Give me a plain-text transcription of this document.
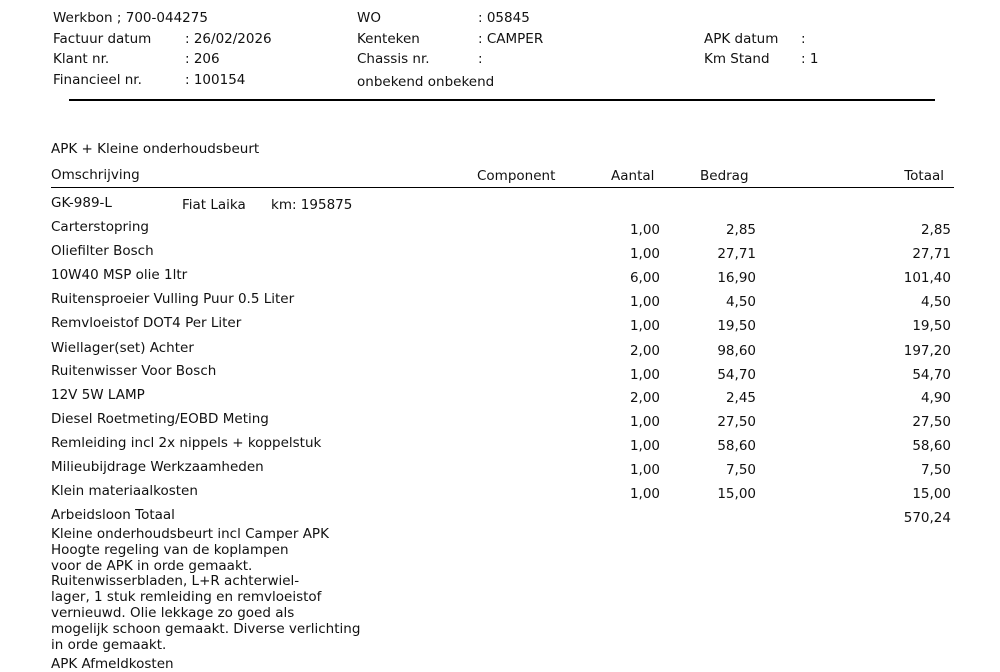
Werkbon ; 700-044275
Factuur datum : 26/02/2026
Klant nr.	: 206
Financieel nr.	: 100154
WO	: 05845
Kenteken	: CAMPER
Chassis nr.	:
onbekend onbekend
APK datum :
Km Stand : 1
APK + Kleine onderhoudsbeurt
Omschrijving	Component	Aantal	Bedrag	Totaal
GK-989-L	Fiat Laika km: 195875
Carterstopring	1,00	2,85	2,85
Oliefilter Bosch	1,00	27,71	27,71
10W40 MSP olie 1ltr	6,00	16,90	101,40
Ruitensproeier Vulling Puur 0.5 Liter	1,00	4,50	4,50
Remvloeistof DOT4 Per Liter	1,00	19,50	19,50
Wiellager(set) Achter	2,00	98,60	197,20
Ruitenwisser Voor Bosch	1,00	54,70	54,70
12V 5W LAMP	2,00	2,45	4,90
Diesel Roetmeting/EOBD Meting	1,00	27,50	27,50
Remleiding incl 2x nippels + koppelstuk	1,00	58,60	58,60
Milieubijdrage Werkzaamheden	1,00	7,50	7,50
Klein materiaalkosten	1,00	15,00	15,00
Arbeidsloon Totaal	570,24
Kleine onderhoudsbeurt incl Camper APK
Hoogte regeling van de koplampen
voor de APK in orde gemaakt.
Ruitenwisserbladen, L+R achterwiel-
lager, 1 stuk remleiding en remvloeistof
vernieuwd. Olie lekkage zo goed als
mogelijk schoon gemaakt. Diverse verlichting
in orde gemaakt.
APK Afmeldkosten
